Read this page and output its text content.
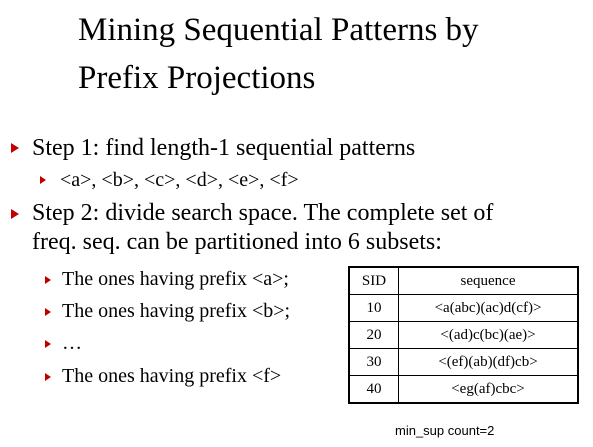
Mining Sequential Patterns by
Prefix Projections
Step 1: find length-1 sequential patterns
<a>, <b>, <c>, <d>, <e>, <f>
Step 2: divide search space. The complete set of
freq. seq. can be partitioned into 6 subsets:
The ones having prefix <a>;
The ones having prefix <b>;
…
The ones having prefix <f>
SID	sequence
10	<a(abc)(ac)d(cf)>
20	<(ad)c(bc)(ae)>
30	<(ef)(ab)(df)cb>
40	<eg(af)cbc>
min_sup count=2
